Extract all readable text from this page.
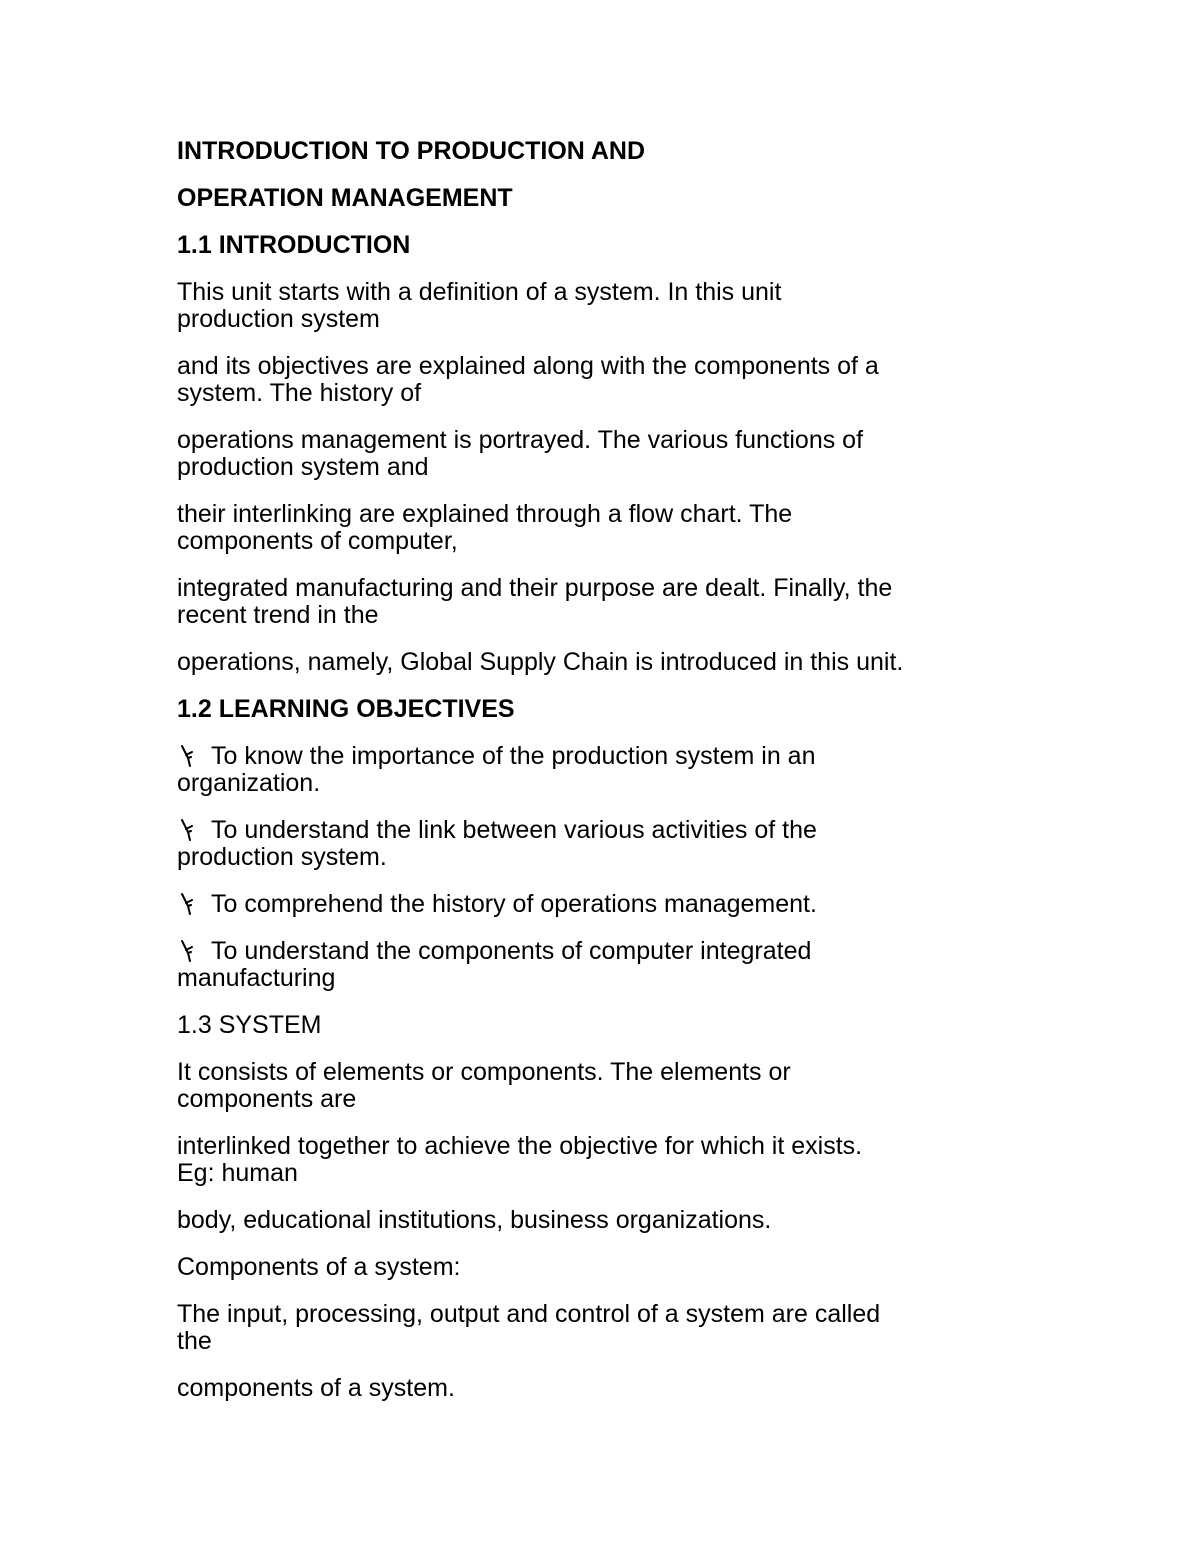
INTRODUCTION TO PRODUCTION AND
OPERATION MANAGEMENT
1.1 INTRODUCTION
This unit starts with a definition of a system. In this unit
production system
and its objectives are explained along with the components of a
system. The history of
operations management is portrayed. The various functions of
production system and
their interlinking are explained through a flow chart. The
components of computer,
integrated manufacturing and their purpose are dealt. Finally, the
recent trend in the
operations, namely, Global Supply Chain is introduced in this unit.
1.2 LEARNING OBJECTIVES
To know the importance of the production system in an
organization.
To understand the link between various activities of the
production system.
To comprehend the history of operations management.
To understand the components of computer integrated
manufacturing
1.3 SYSTEM
It consists of elements or components. The elements or
components are
interlinked together to achieve the objective for which it exists.
Eg: human
body, educational institutions, business organizations.
Components of a system:
The input, processing, output and control of a system are called
the
components of a system.
